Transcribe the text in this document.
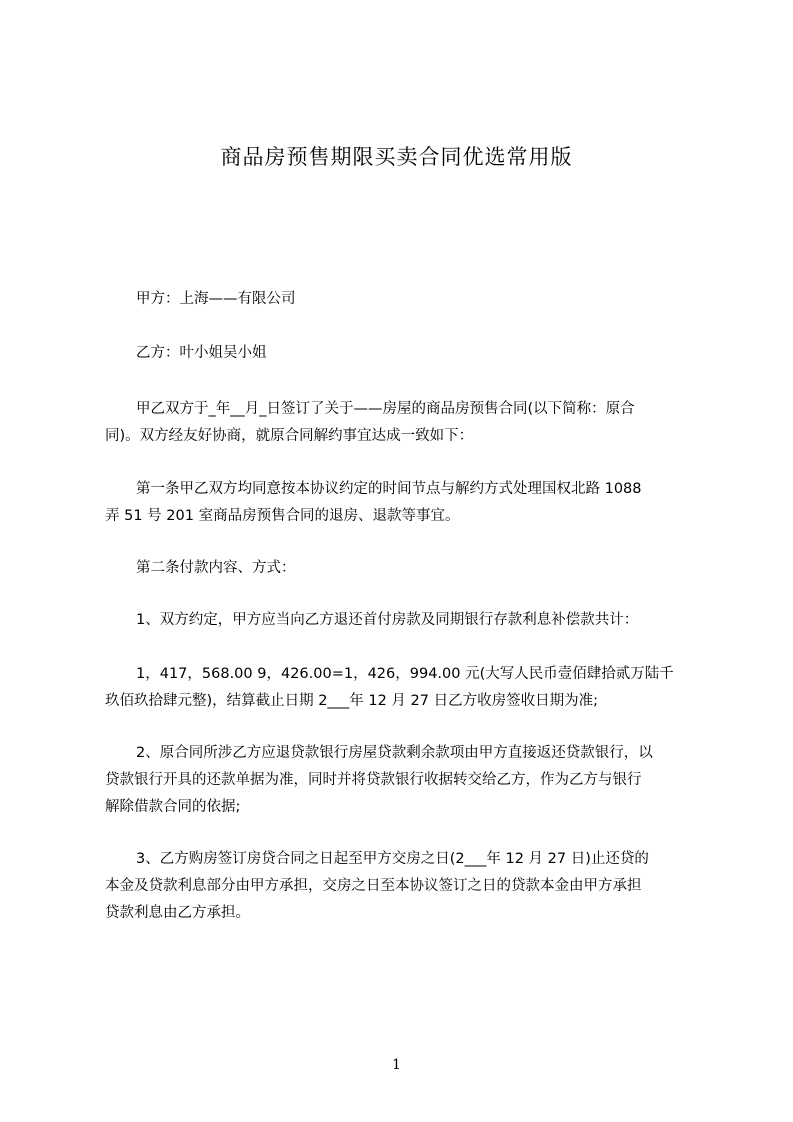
商品房预售期限买卖合同优选常用版
甲方：上海——有限公司
乙方：叶小姐吴小姐
甲乙双方于_年__月_日签订了关于——房屋的商品房预售合同(以下简称：原合
同)。双方经友好协商，就原合同解约事宜达成一致如下：
第一条甲乙双方均同意按本协议约定的时间节点与解约方式处理国权北路 1088
弄 51 号 201 室商品房预售合同的退房、退款等事宜。
第二条付款内容、方式：
1、双方约定，甲方应当向乙方退还首付房款及同期银行存款利息补偿款共计：
1，417，568.00 9，426.00=1，426，994.00 元(大写人民币壹佰肆拾贰万陆千
玖佰玖拾肆元整)，结算截止日期 2___年 12 月 27 日乙方收房签收日期为准;
2、原合同所涉乙方应退贷款银行房屋贷款剩余款项由甲方直接返还贷款银行，以
贷款银行开具的还款单据为准，同时并将贷款银行收据转交给乙方，作为乙方与银行
解除借款合同的依据;
3、乙方购房签订房贷合同之日起至甲方交房之日(2___年 12 月 27 日)止还贷的
本金及贷款利息部分由甲方承担，交房之日至本协议签订之日的贷款本金由甲方承担
贷款利息由乙方承担。
1
